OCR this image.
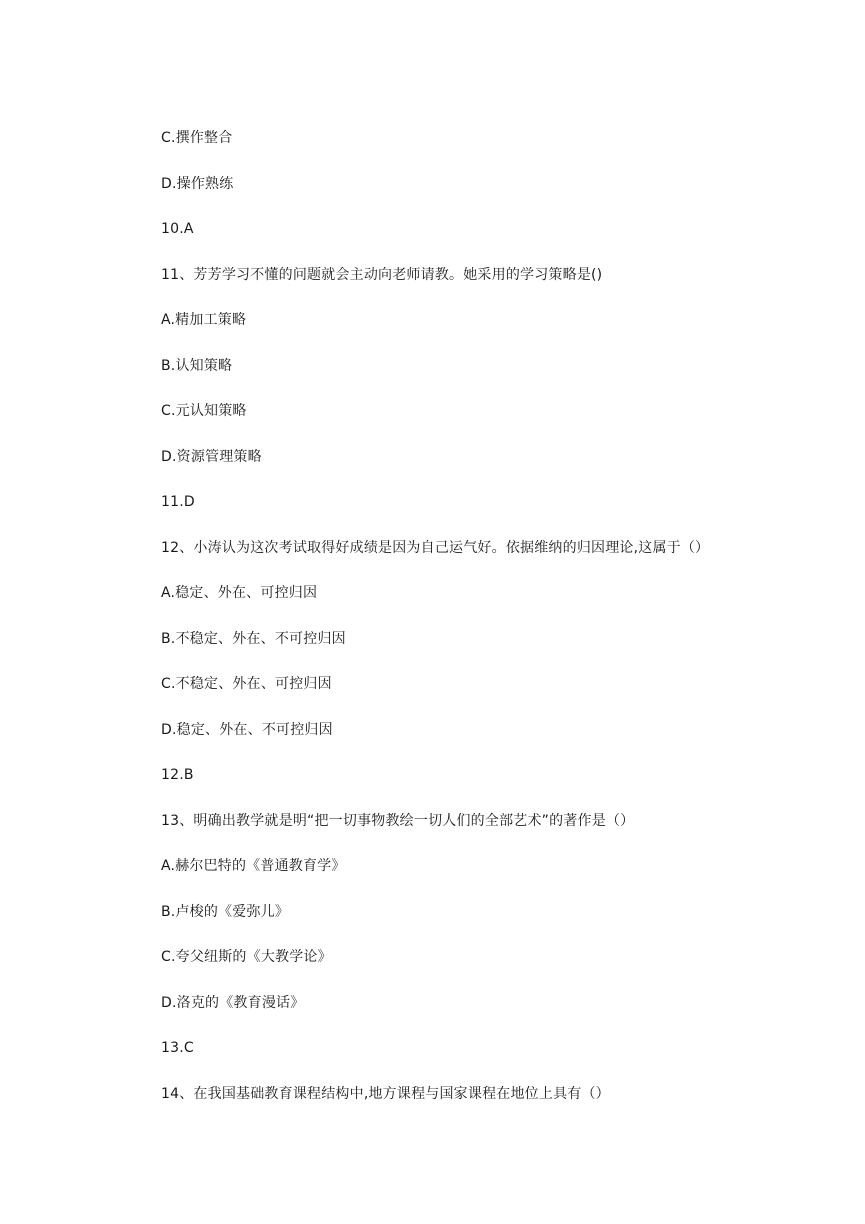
C.撰作整合
D.操作熟练
10.A
11、芳芳学习不懂的问题就会主动向老师请教。她采用的学习策略是()
A.精加工策略
B.认知策略
C.元认知策略
D.资源管理策略
11.D
12、小涛认为这次考试取得好成绩是因为自己运气好。依据维纳的归因理论,这属于（）
A.稳定、外在、可控归因
B.不稳定、外在、不可控归因
C.不稳定、外在、可控归因
D.稳定、外在、不可控归因
12.B
13、明确出教学就是明“把一切事物教绘一切人们的全部艺术”的著作是（）
A.赫尔巴特的《普通教育学》
B.卢梭的《爱弥儿》
C.夸父纽斯的《大教学论》
D.洛克的《教育漫话》
13.C
14、在我国基础教育课程结构中,地方课程与国家课程在地位上具有（）
